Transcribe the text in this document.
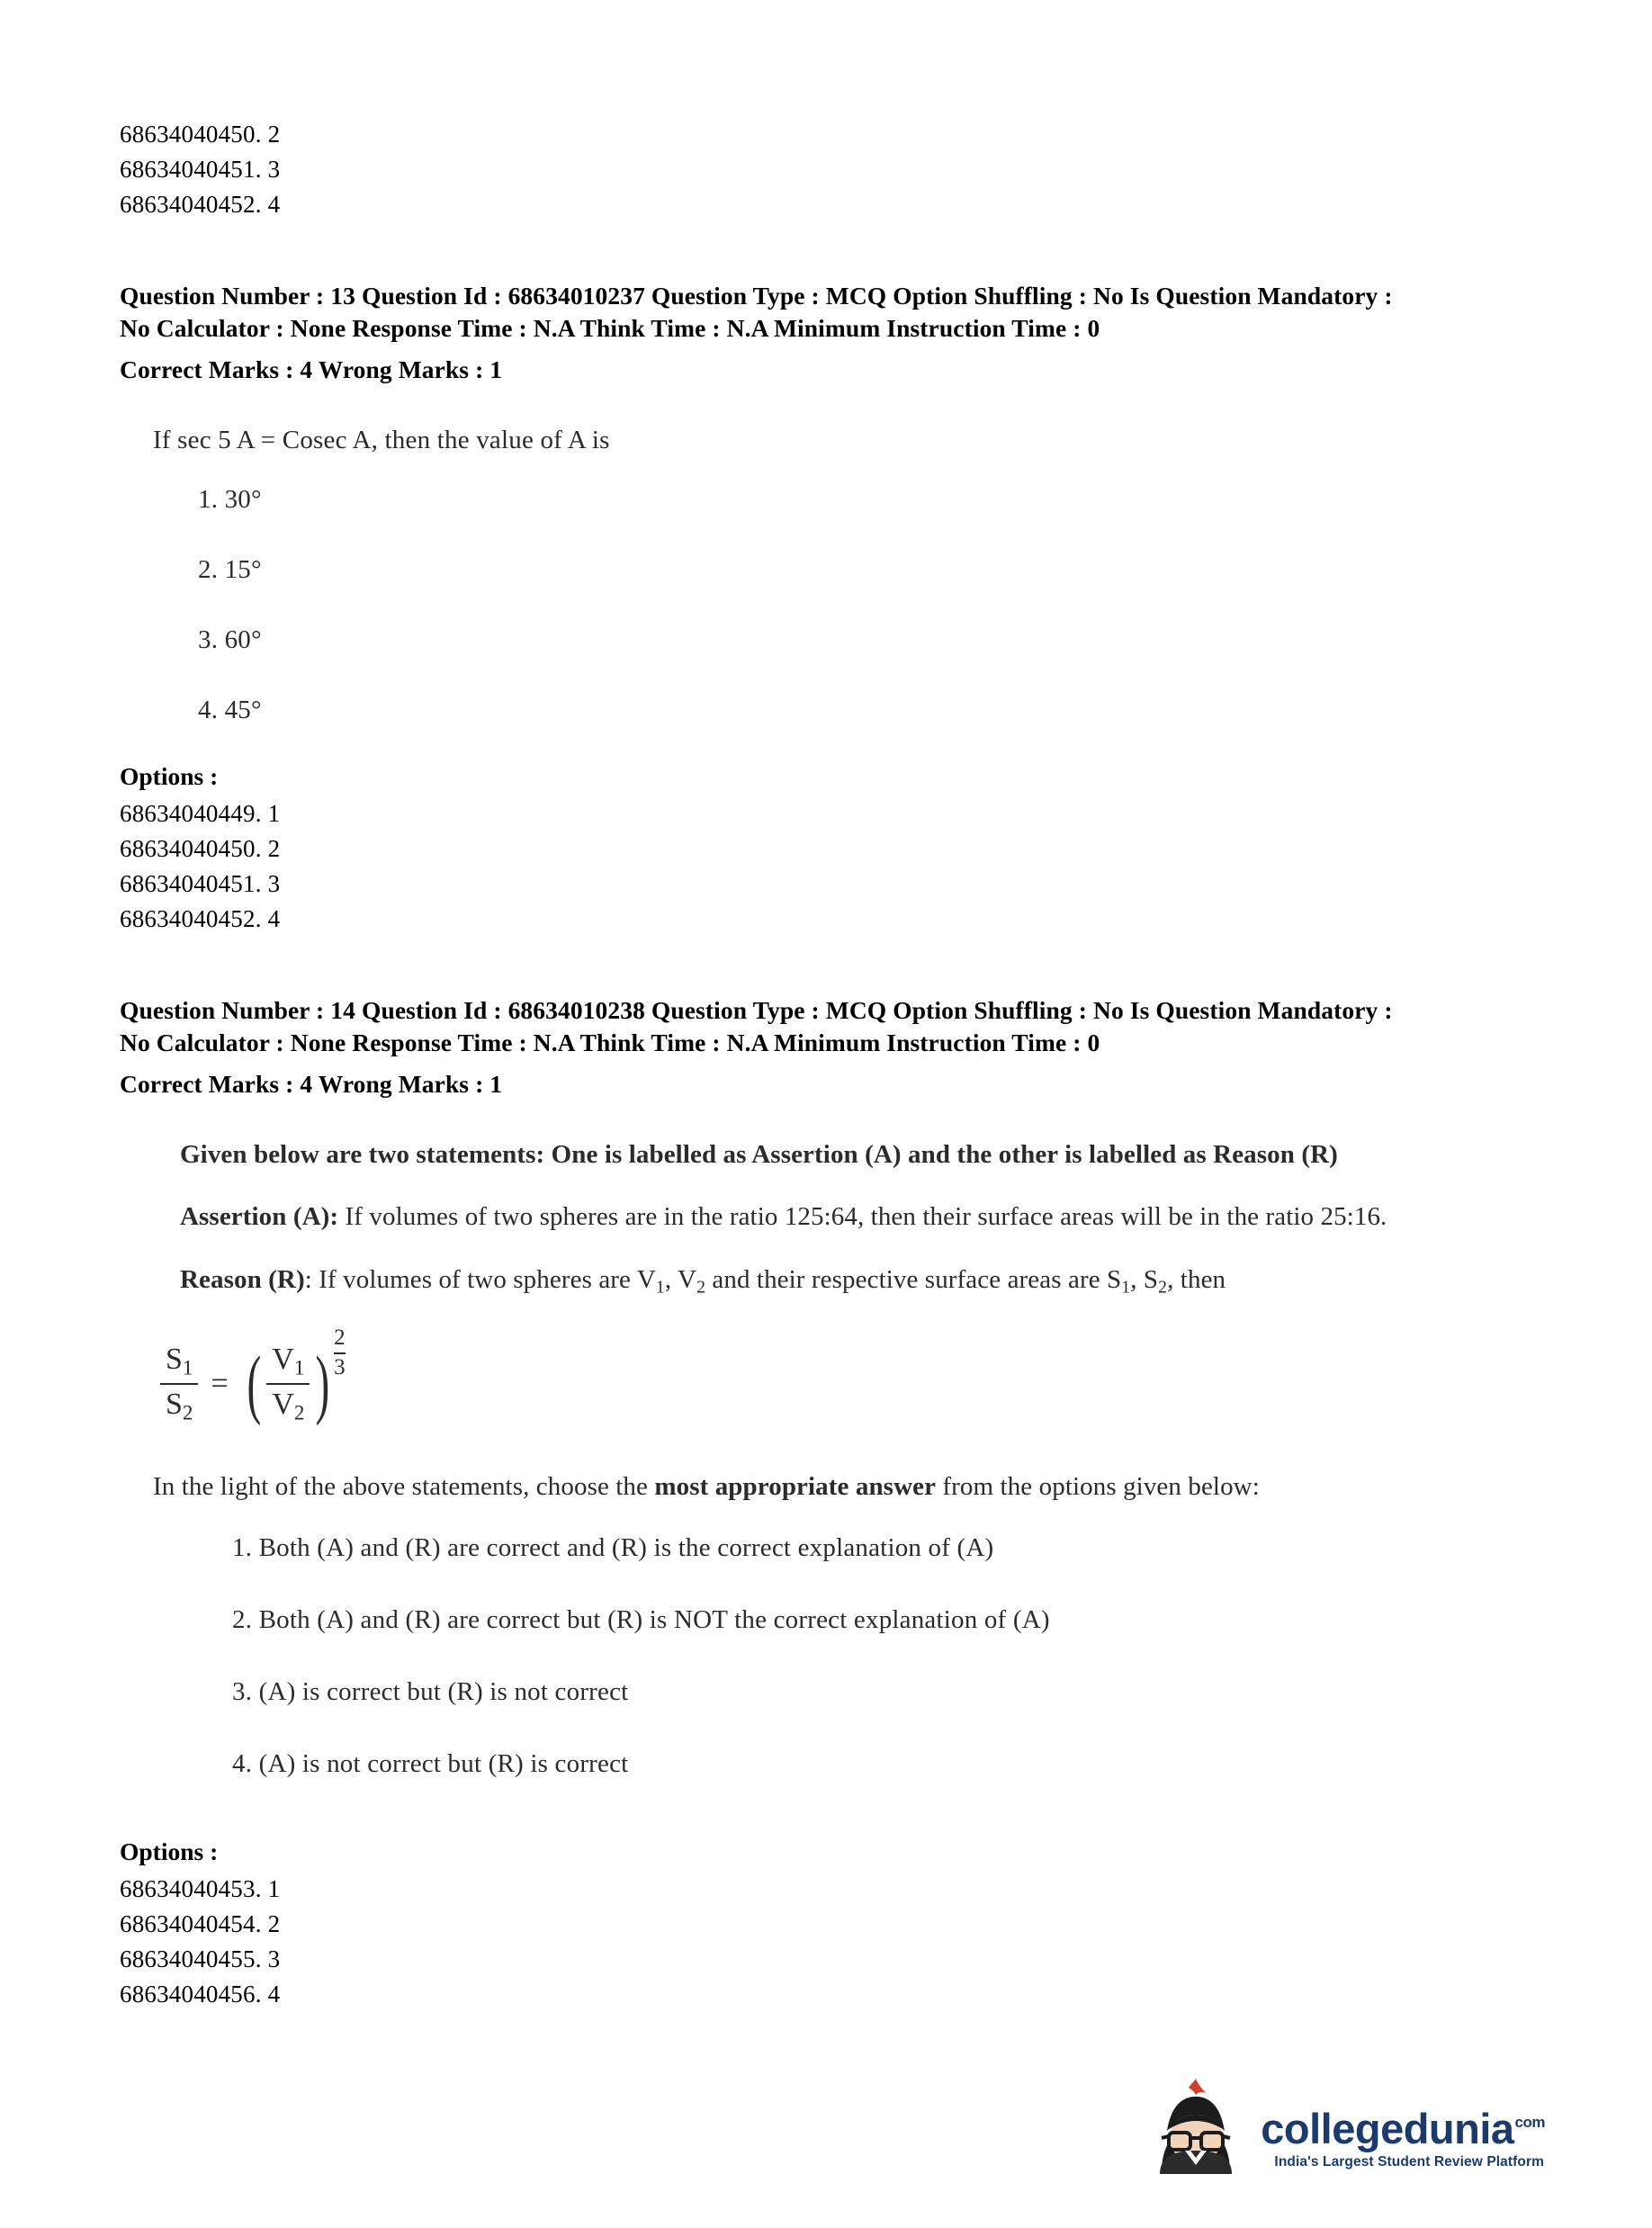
68634040450. 2
68634040451. 3
68634040452. 4
Question Number : 13 Question Id : 68634010237 Question Type : MCQ Option Shuffling : No Is Question Mandatory :
No Calculator : None Response Time : N.A Think Time : N.A Minimum Instruction Time : 0
Correct Marks : 4 Wrong Marks : 1
If sec 5 A = Cosec A, then the value of A is
1. 30°
2. 15°
3. 60°
4. 45°
Options :
68634040449. 1
68634040450. 2
68634040451. 3
68634040452. 4
Question Number : 14 Question Id : 68634010238 Question Type : MCQ Option Shuffling : No Is Question Mandatory :
No Calculator : None Response Time : N.A Think Time : N.A Minimum Instruction Time : 0
Correct Marks : 4 Wrong Marks : 1
Given below are two statements: One is labelled as Assertion (A) and the other is labelled as Reason (R)
Assertion (A): If volumes of two spheres are in the ratio 125:64, then their surface areas will be in the ratio 25:16.
Reason (R): If volumes of two spheres are $V_1$, $V_2$ and their respective surface areas are $S_1$, $S_2$, then
$\frac{S_1}{S_2}$ = ( $\frac{V_1}{V_2}$ ) $\frac{2}{3}$
In the light of the above statements, choose the most appropriate answer from the options given below:
1. Both (A) and (R) are correct and (R) is the correct explanation of (A)
2. Both (A) and (R) are correct but (R) is NOT the correct explanation of (A)
3. (A) is correct but (R) is not correct
4. (A) is not correct but (R) is correct
Options :
68634040453. 1
68634040454. 2
68634040455. 3
68634040456. 4
collegedunia$^{com}$
India's Largest Student Review Platform
